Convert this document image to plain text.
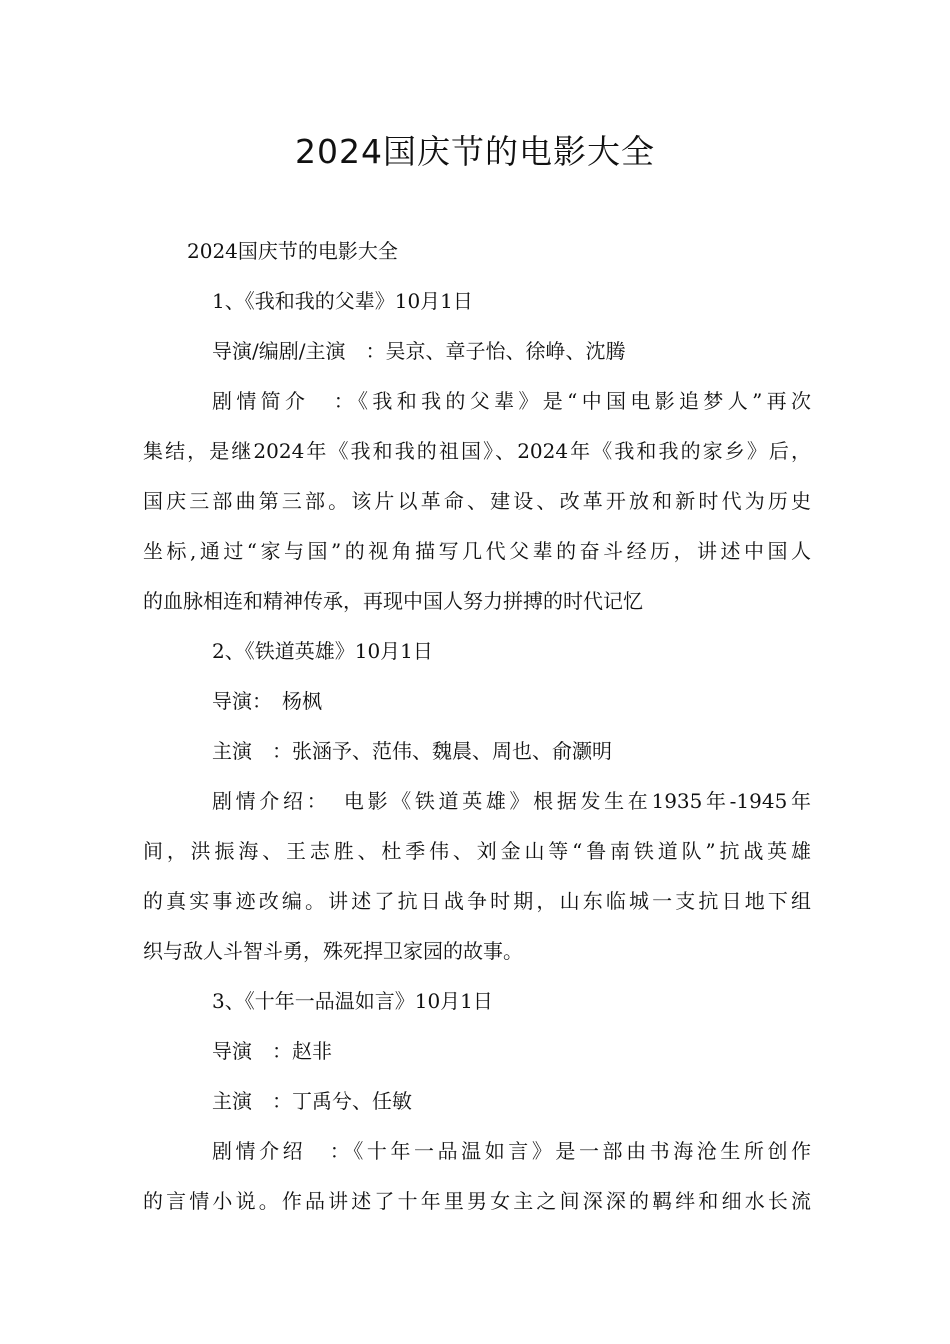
2024国庆节的电影大全
2024国庆节的电影大全
1、《我和我的父辈》10月1日
导演/编剧/主演　：吴京、章子怡、徐峥、沈腾
剧情简介　：《我和我的父辈》是“中国电影追梦人”再次
集结，是继2024年《我和我的祖国》、2024年《我和我的家乡》后，
国庆三部曲第三部。该片以革命、建设、改革开放和新时代为历史
坐标,通过“家与国”的视角描写几代父辈的奋斗经历，讲述中国人
的血脉相连和精神传承，再现中国人努力拼搏的时代记忆
2、《铁道英雄》10月1日
导演：　杨枫
主演　：张涵予、范伟、魏晨、周也、俞灏明
剧情介绍：　电影《铁道英雄》根据发生在1935年-1945年
间，洪振海、王志胜、杜季伟、刘金山等“鲁南铁道队”抗战英雄
的真实事迹改编。讲述了抗日战争时期，山东临城一支抗日地下组
织与敌人斗智斗勇，殊死捍卫家园的故事。
3、《十年一品温如言》10月1日
导演　：赵非
主演　：丁禹兮、任敏
剧情介绍　：《十年一品温如言》是一部由书海沧生所创作
的言情小说。作品讲述了十年里男女主之间深深的羁绊和细水长流
